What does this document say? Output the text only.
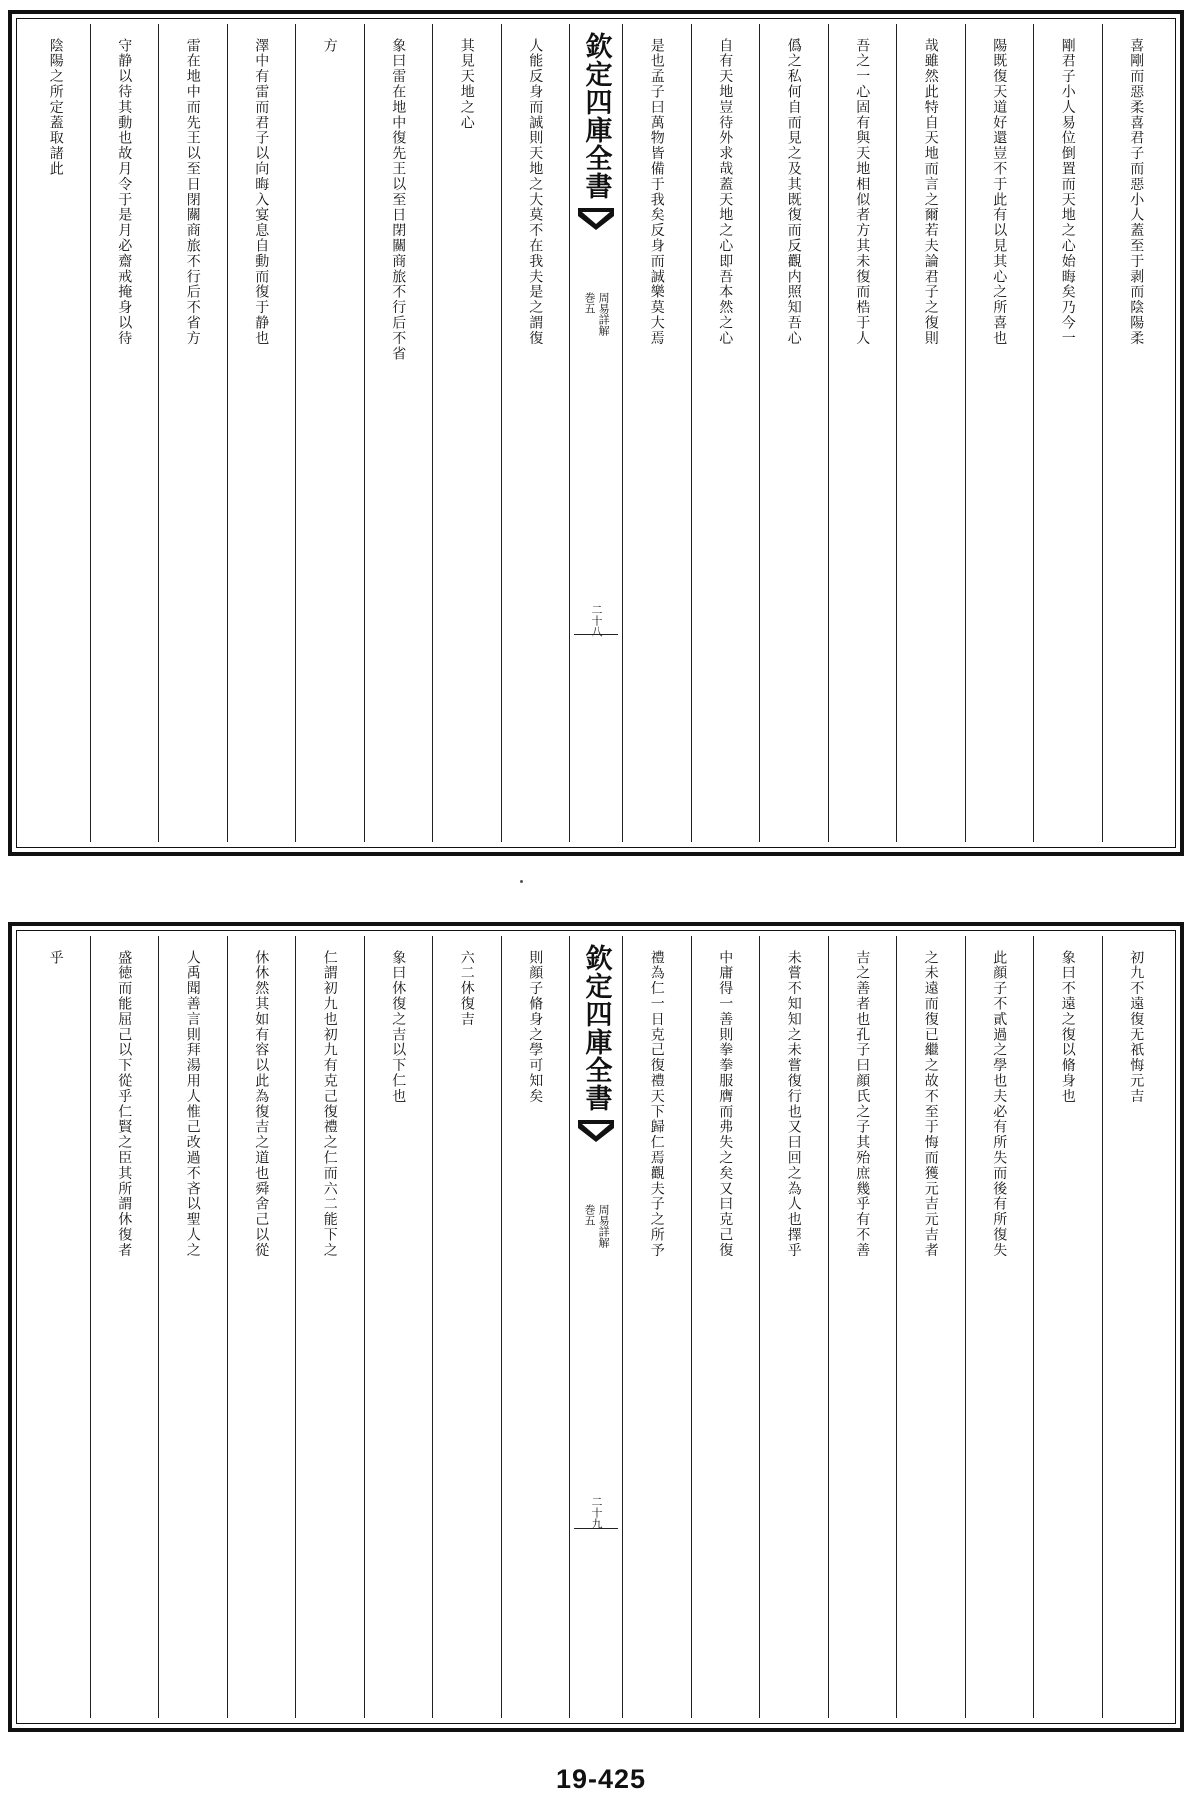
喜剛而惡柔喜君子而惡小人蓋至于剥而陰陽柔
剛君子小人易位倒置而天地之心始晦矣乃今一
陽既復天道好還豈不于此有以見其心之所喜也
哉雖然此特自天地而言之爾若夫論君子之復則
吾之一心固有與天地相似者方其未復而梏于人
僞之私何自而見之及其既復而反觀内照知吾心
自有天地豈待外求哉蓋天地之心即吾本然之心
是也孟子曰萬物皆備于我矣反身而誠樂莫大焉
欽定四庫全書
周易詳解
巻五
二十八
人能反身而誠則天地之大莫不在我夫是之謂復
其見天地之心
象曰雷在地中復先王以至日閉關商旅不行后不省
方
澤中有雷而君子以向晦入宴息自動而復于静也
雷在地中而先王以至日閉關商旅不行后不省方
守静以待其動也故月令于是月必齋戒掩身以待
陰陽之所定蓋取諸此
初九不遠復无祇悔元吉
象曰不遠之復以脩身也
此顔子不貳過之學也夫必有所失而後有所復失
之未遠而復已繼之故不至于悔而獲元吉元吉者
吉之善者也孔子曰顔氏之子其殆庶幾乎有不善
未嘗不知知之未嘗復行也又曰回之為人也擇乎
中庸得一善則拳拳服膺而弗失之矣又曰克己復
禮為仁一日克己復禮天下歸仁焉觀夫子之所予
欽定四庫全書
周易詳解
巻五
二十九
則顔子脩身之學可知矣
六二休復吉
象曰休復之吉以下仁也
仁謂初九也初九有克己復禮之仁而六二能下之
休休然其如有容以此為復吉之道也舜舍己以從
人禹聞善言則拜湯用人惟己改過不吝以聖人之
盛徳而能屈己以下從乎仁賢之臣其所謂休復者
乎
19-425
